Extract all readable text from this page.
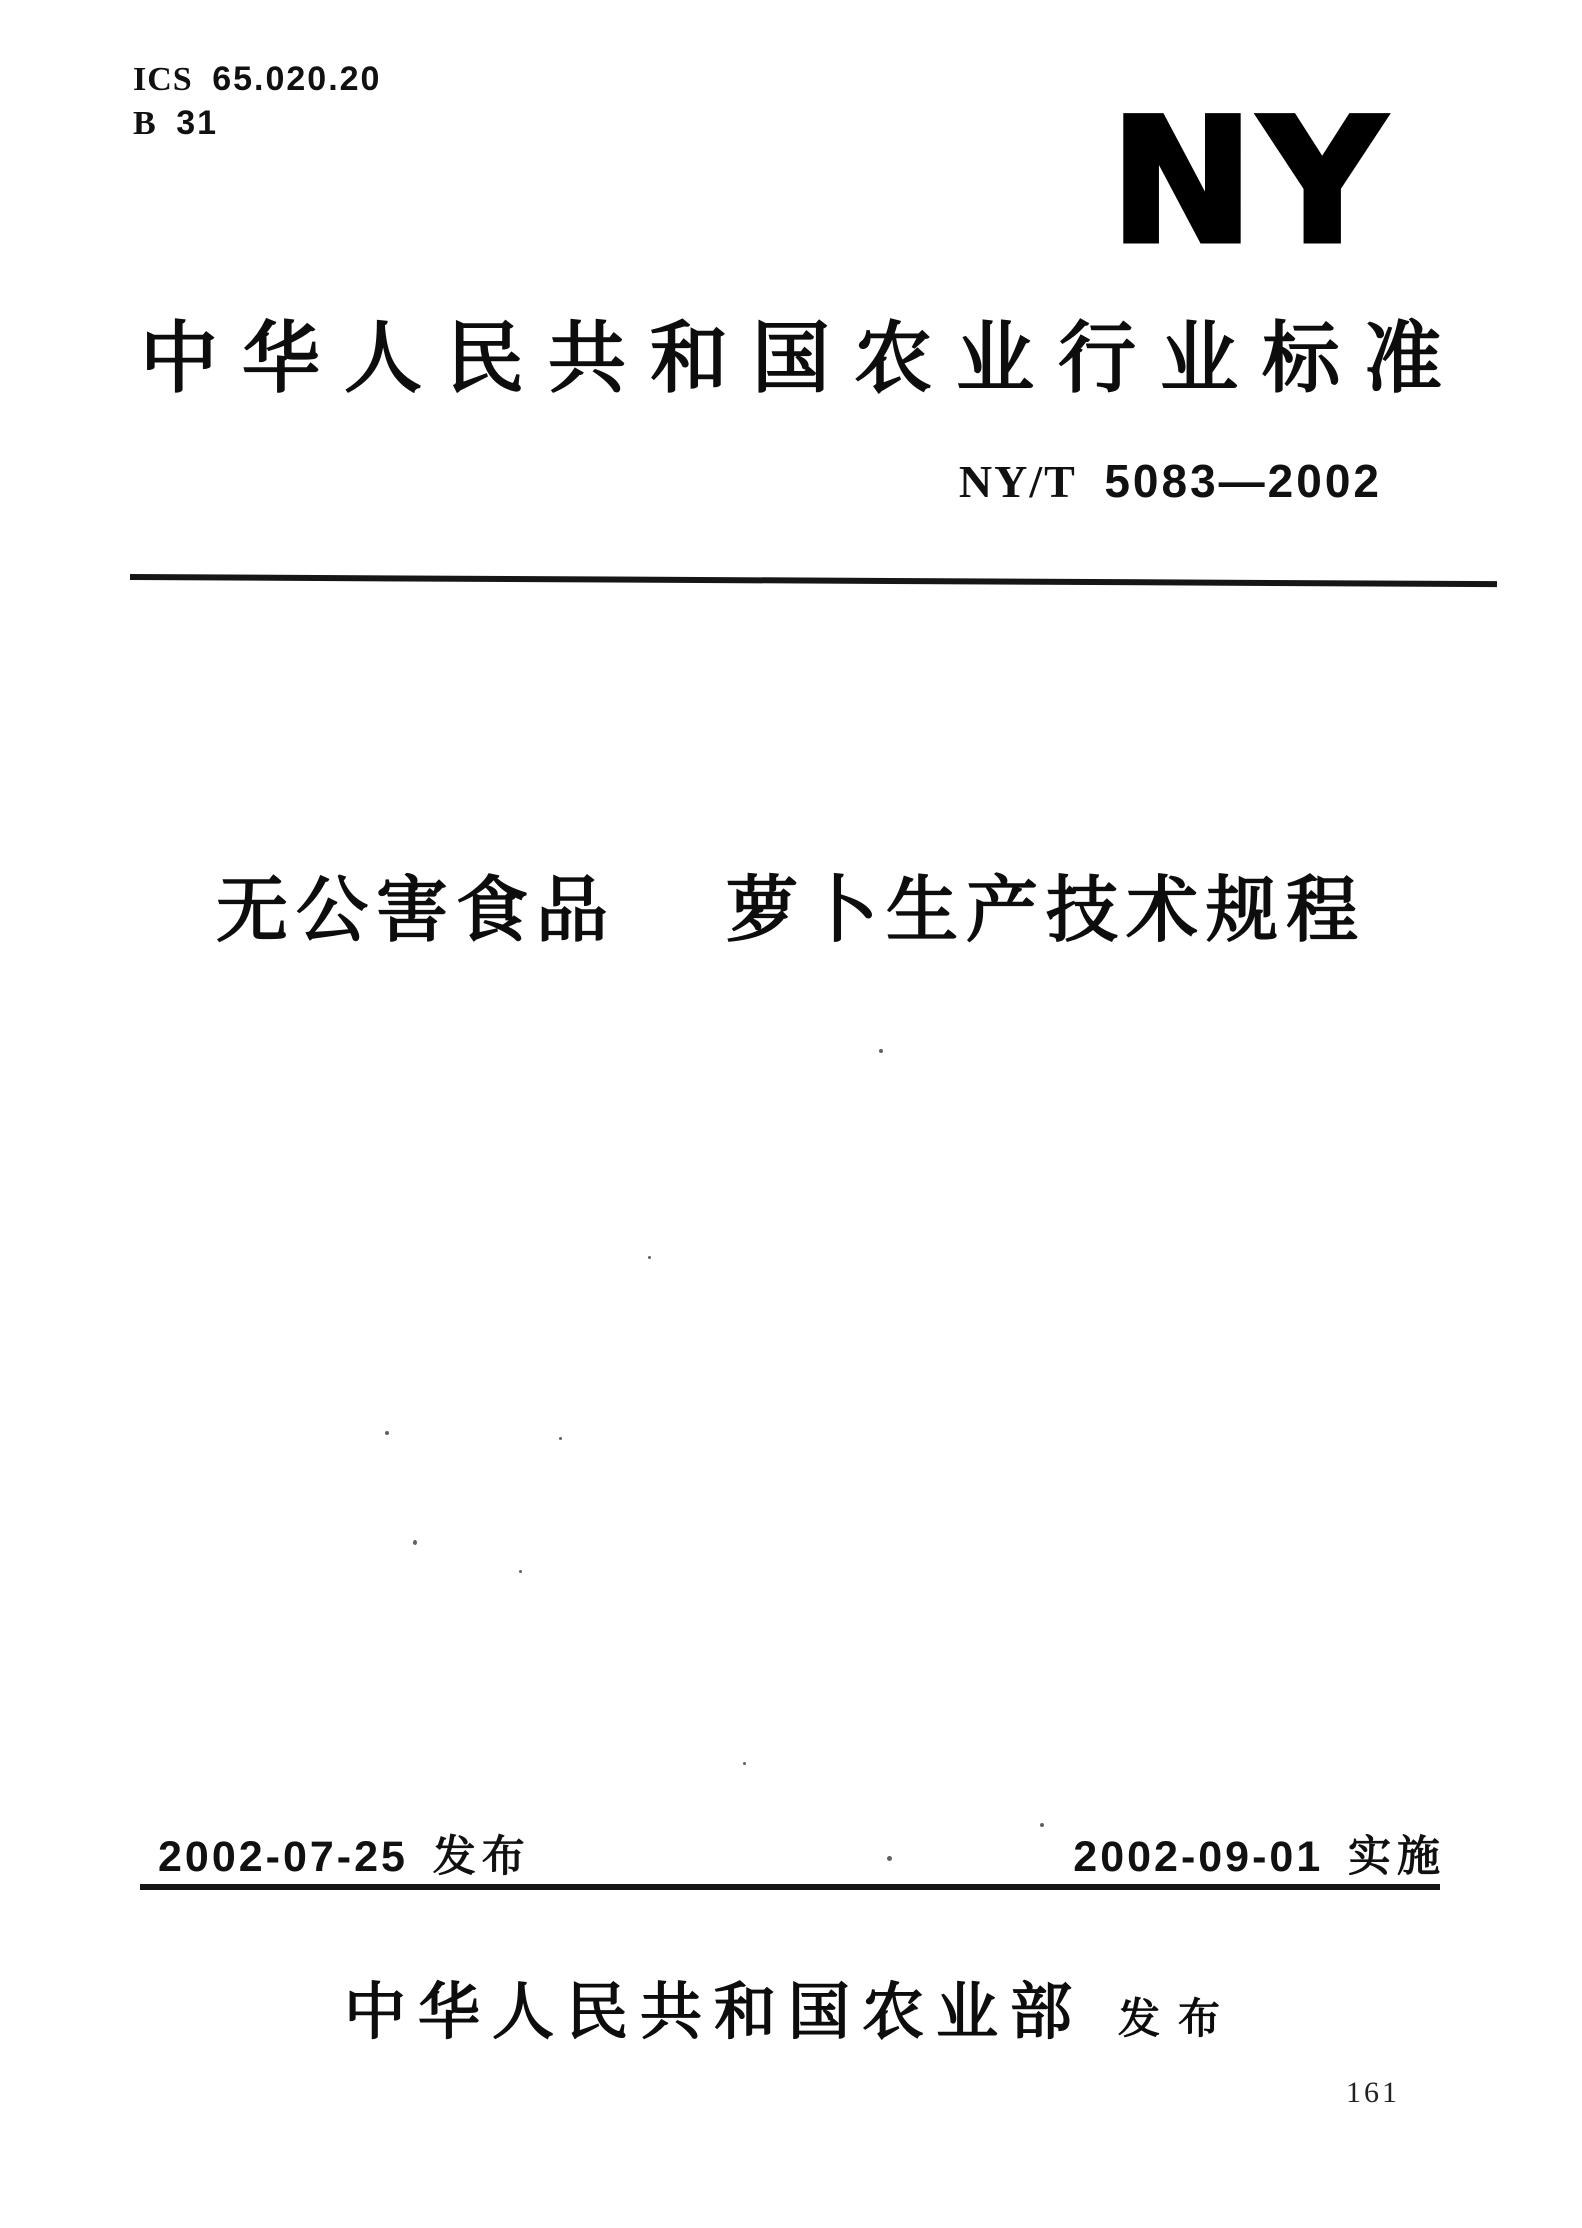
ICS 65.020.20
B 31	NY
中华人民共和国农业行业标准
NY/T 5083—2002
无公害食品 萝卜生产技术规程
2002-07-25 发布	2002-09-01 实施
中华人民共和国农业部 发布
161
